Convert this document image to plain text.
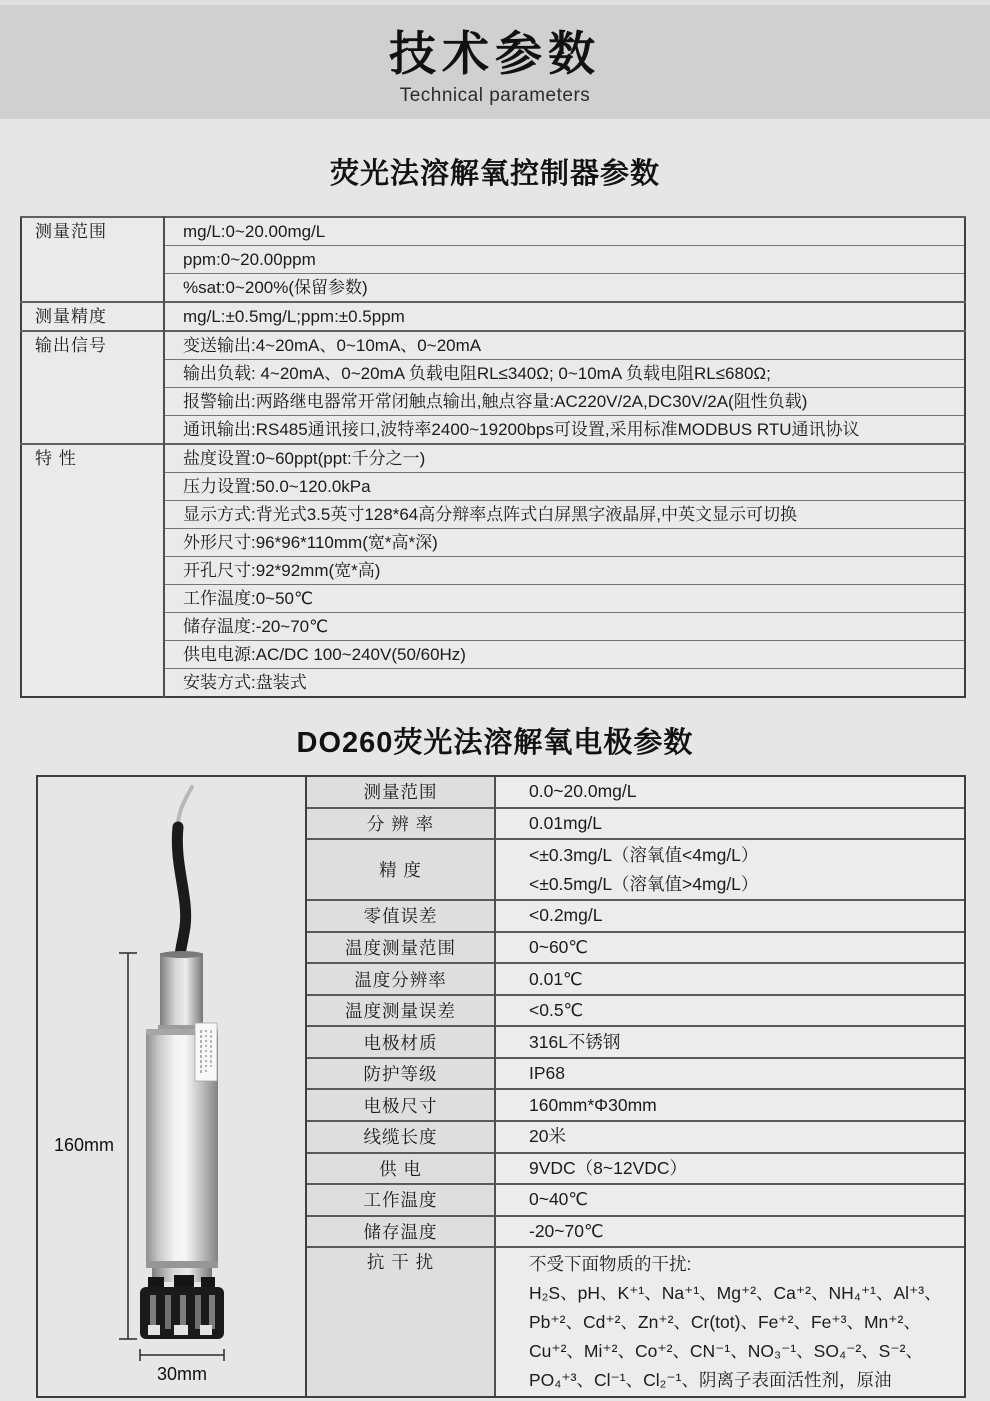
技术参数
Technical parameters
荧光法溶解氧控制器参数
测量范围	mg/L:0~20.00mg/L
	ppm:0~20.00ppm
	%sat:0~200%(保留参数)
测量精度	mg/L:±0.5mg/L;ppm:±0.5ppm
输出信号	变送输出:4~20mA、0~10mA、0~20mA
	输出负载: 4~20mA、0~20mA 负载电阻RL≤340Ω; 0~10mA 负载电阻RL≤680Ω;
	报警输出:两路继电器常开常闭触点输出,触点容量:AC220V/2A,DC30V/2A(阻性负载)
	通讯输出:RS485通讯接口,波特率2400~19200bps可设置,采用标准MODBUS RTU通讯协议
特 性	盐度设置:0~60ppt(ppt:千分之一)
	压力设置:50.0~120.0kPa
	显示方式:背光式3.5英寸128*64高分辩率点阵式白屏黑字液晶屏,中英文显示可切换
	外形尺寸:96*96*110mm(宽*高*深)
	开孔尺寸:92*92mm(宽*高)
	工作温度:0~50℃
	储存温度:-20~70℃
	供电电源:AC/DC 100~240V(50/60Hz)
	安装方式:盘装式
DO260荧光法溶解氧电极参数
160mm
30mm
测量范围	0.0~20.0mg/L

分 辨 率	0.01mg/L

精 度	<±0.3mg/L（溶氧值<4mg/L）
<±0.5mg/L（溶氧值>4mg/L）

零值误差	<0.2mg/L

温度测量范围	0~60℃

温度分辨率	0.01℃

温度测量误差	<0.5℃

电极材质	316L不锈钢

防护等级	IP68

电极尺寸	160mm*Φ30mm

线缆长度	20米

供 电	9VDC（8~12VDC）

工作温度	0~40℃

储存温度	-20~70℃

抗 干 扰	不受下面物质的干扰:
H₂S、pH、K⁺¹、Na⁺¹、Mg⁺²、Ca⁺²、NH₄⁺¹、Al⁺³、
Pb⁺²、Cd⁺²、Zn⁺²、Cr(tot)、Fe⁺²、Fe⁺³、Mn⁺²、
Cu⁺²、Mi⁺²、Co⁺²、CN⁻¹、NO₃⁻¹、SO₄⁻²、S⁻²、
PO₄⁺³、Cl⁻¹、Cl₂⁻¹、阴离子表面活性剂，原油
